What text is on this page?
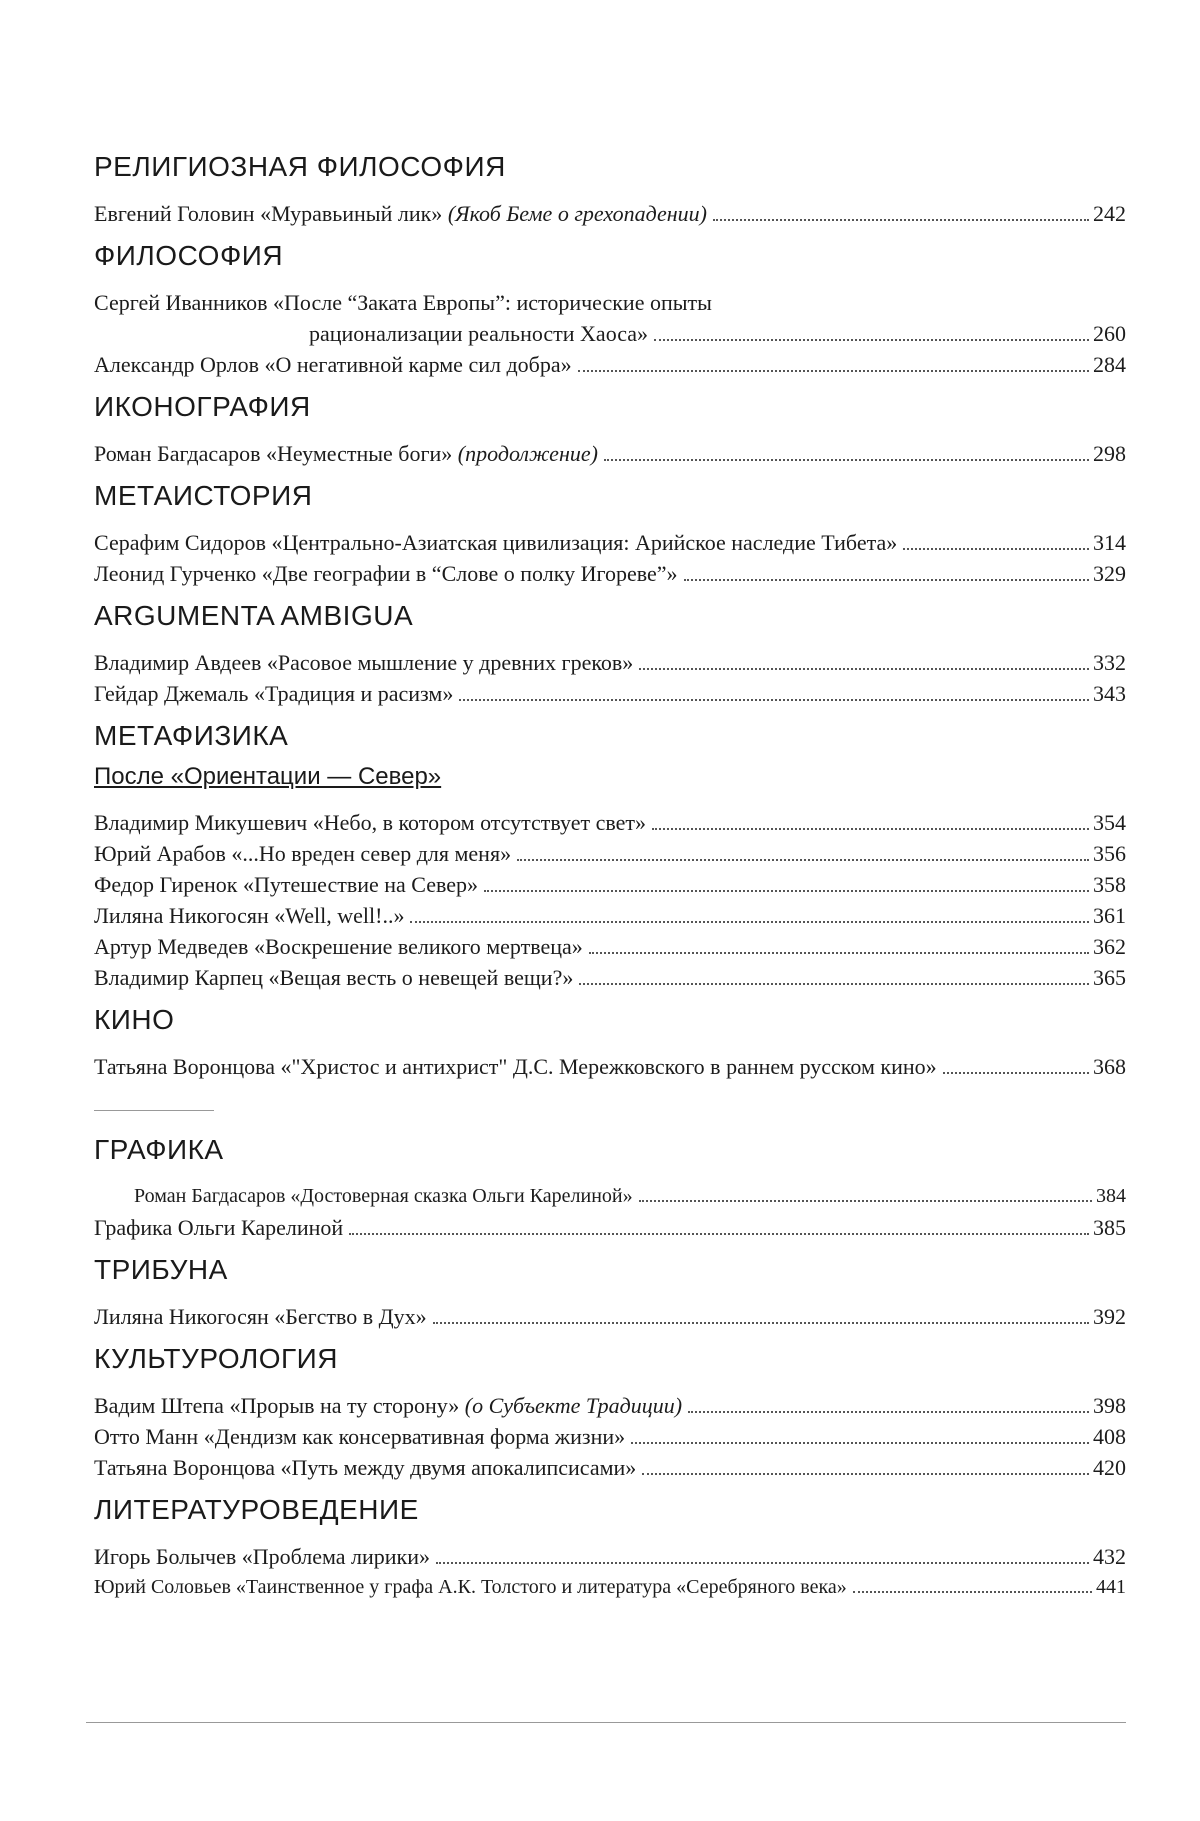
РЕЛИГИОЗНАЯ ФИЛОСОФИЯ
Евгений Головин «Муравьиный лик» (Якоб Беме о грехопадении)	242
ФИЛОСОФИЯ
Сергей Иванников «После “Заката Европы”: исторические опыты
рационализации реальности Хаоса»	260
Александр Орлов «О негативной карме сил добра»	284
ИКОНОГРАФИЯ
Роман Багдасаров «Неуместные боги» (продолжение)	298
МЕТАИСТОРИЯ
Серафим Сидоров «Центрально-Азиатская цивилизация: Арийское наследие Тибета»	314
Леонид Гурченко «Две географии в “Слове о полку Игореве”»	329
ARGUMENTA AMBIGUA
Владимир Авдеев «Расовое мышление у древних греков»	332
Гейдар Джемаль «Традиция и расизм»	343
МЕТАФИЗИКА
После «Ориентации — Север»
Владимир Микушевич «Небо, в котором отсутствует свет»	354
Юрий Арабов «...Но вреден север для меня»	356
Федор Гиренок «Путешествие на Север»	358
Лиляна Никогосян «Well, well!..»	361
Артур Медведев «Воскрешение великого мертвеца»	362
Владимир Карпец «Вещая весть о невещей вещи?»	365
КИНО
Татьяна Воронцова «"Христос и антихрист" Д.С. Мережковского в раннем русском кино»	368
ГРАФИКА
Роман Багдасаров «Достоверная сказка Ольги Карелиной»	384
Графика Ольги Карелиной	385
ТРИБУНА
Лиляна Никогосян «Бегство в Дух»	392
КУЛЬТУРОЛОГИЯ
Вадим Штепа «Прорыв на ту сторону» (о Субъекте Традиции)	398
Отто Манн «Дендизм как консервативная форма жизни»	408
Татьяна Воронцова «Путь между двумя апокалипсисами»	420
ЛИТЕРАТУРОВЕДЕНИЕ
Игорь Болычев «Проблема лирики»	432
Юрий Соловьев «Таинственное у графа А.К. Толстого и литература «Серебряного века»	441
